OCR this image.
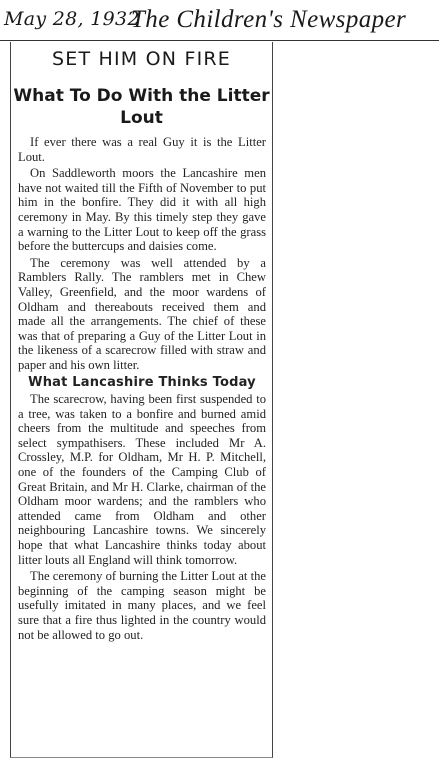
May 28, 1932
The Children's Newspaper
SET HIM ON FIRE
What To Do With the Litter Lout

If ever there was a real Guy it is the Litter Lout.

On Saddleworth moors the Lancashire men have not waited till the Fifth of November to put him in the bonfire. They did it with all high ceremony in May. By this timely step they gave a warning to the Litter Lout to keep off the grass before the buttercups and daisies come.

The ceremony was well attended by a Ramblers Rally. The ramblers met in Chew Valley, Greenfield, and the moor wardens of Oldham and thereabouts received them and made all the arrangements. The chief of these was that of preparing a Guy of the Litter Lout in the likeness of a scarecrow filled with straw and paper and his own litter.

What Lancashire Thinks Today

The scarecrow, having been first suspended to a tree, was taken to a bonfire and burned amid cheers from the multitude and speeches from select sympathisers. These included Mr A. Crossley, M.P. for Oldham, Mr H. P. Mitchell, one of the founders of the Camping Club of Great Britain, and Mr H. Clarke, chairman of the Oldham moor wardens; and the ramblers who attended came from Oldham and other neighbouring Lancashire towns. We sincerely hope that what Lancashire thinks today about litter louts all England will think tomorrow.

The ceremony of burning the Litter Lout at the beginning of the camping season might be usefully imitated in many places, and we feel sure that a fire thus lighted in the country would not be allowed to go out.
